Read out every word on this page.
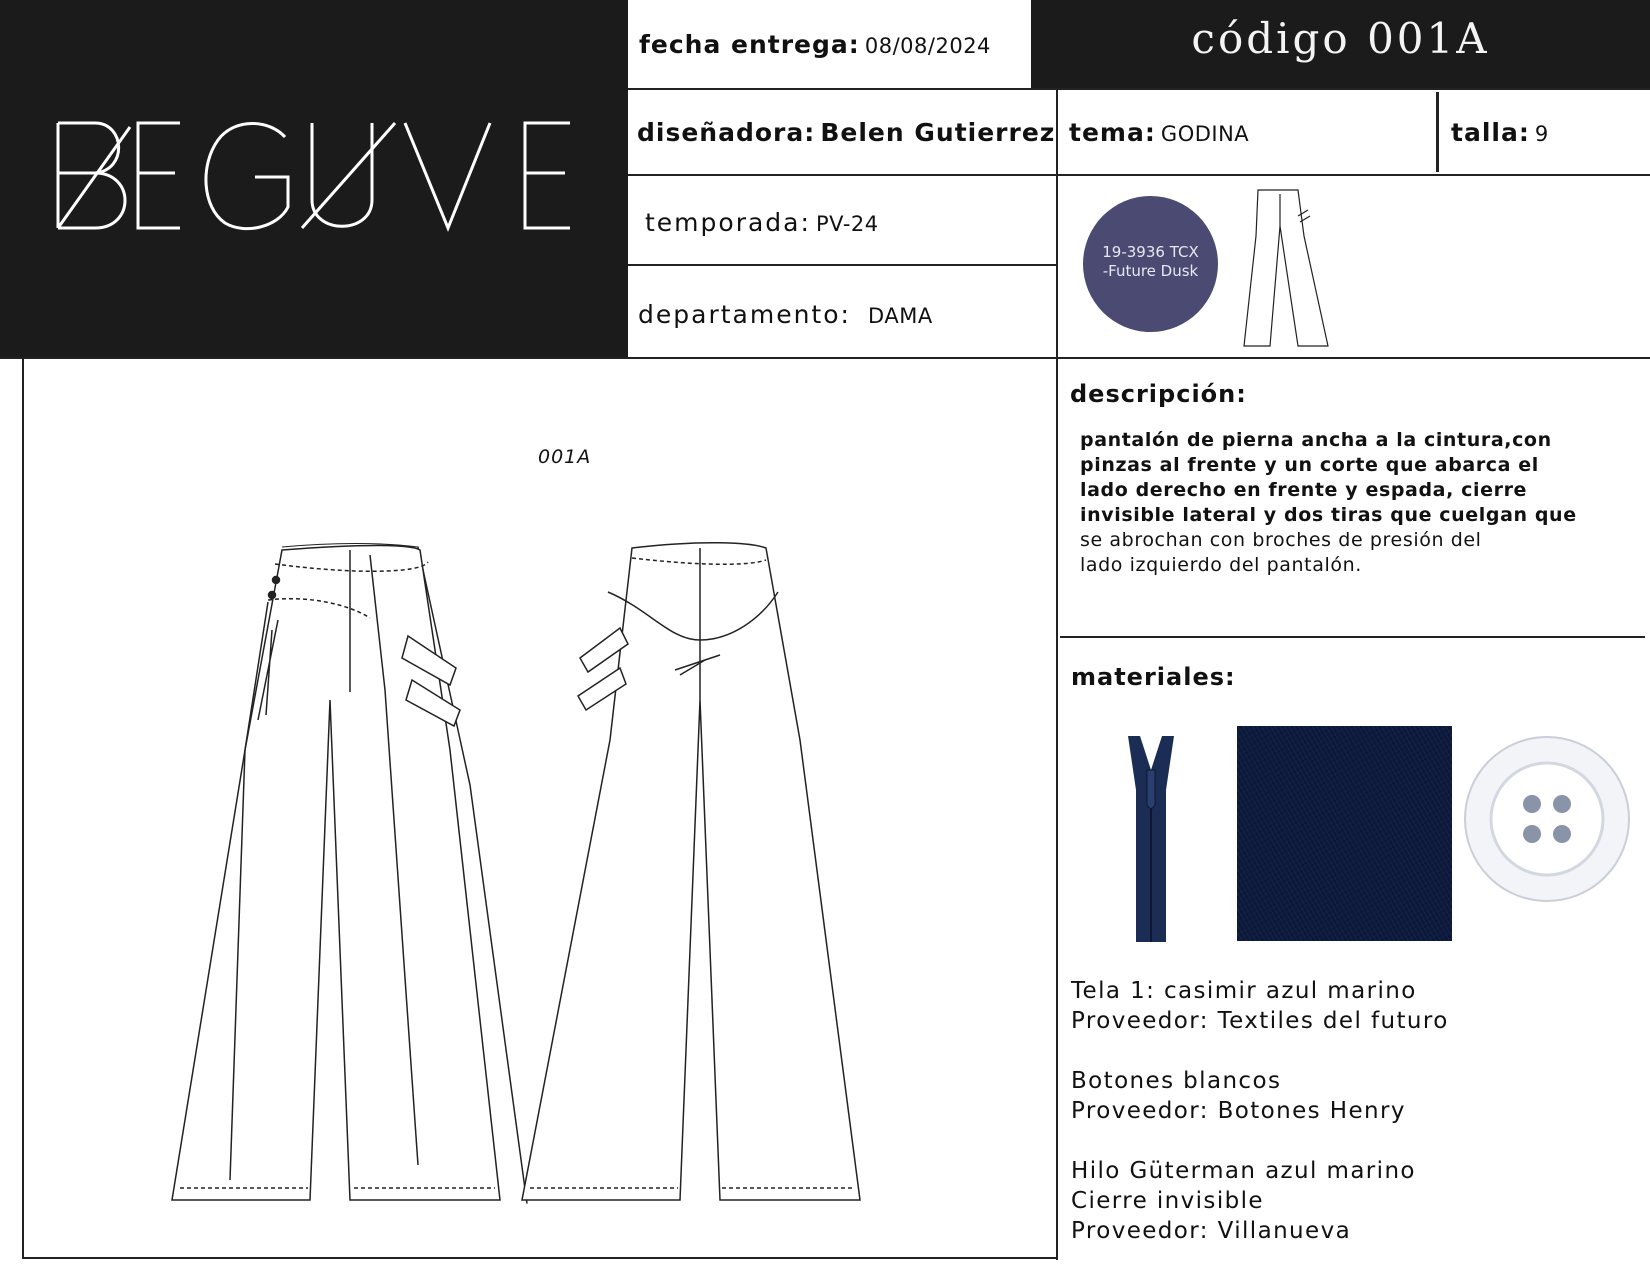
código 001A
fecha entrega: 08/08/2024
diseñadora: Belen Gutierrez tema: GODINA	talla: 9
temporada: PV-24
departamento: DAMA
19-3936 TCX
-Future Dusk
001A
descripción:
pantalón de pierna ancha a la cintura,con
pinzas al frente y un corte que abarca el
lado derecho en frente y espada, cierre
invisible lateral y dos tiras que cuelgan que
se abrochan con broches de presión del
lado izquierdo del pantalón.
materiales:
Tela 1: casimir azul marino
Proveedor: Textiles del futuro
Botones blancos
Proveedor: Botones Henry
Hilo Güterman azul marino
Cierre invisible
Proveedor: Villanueva
